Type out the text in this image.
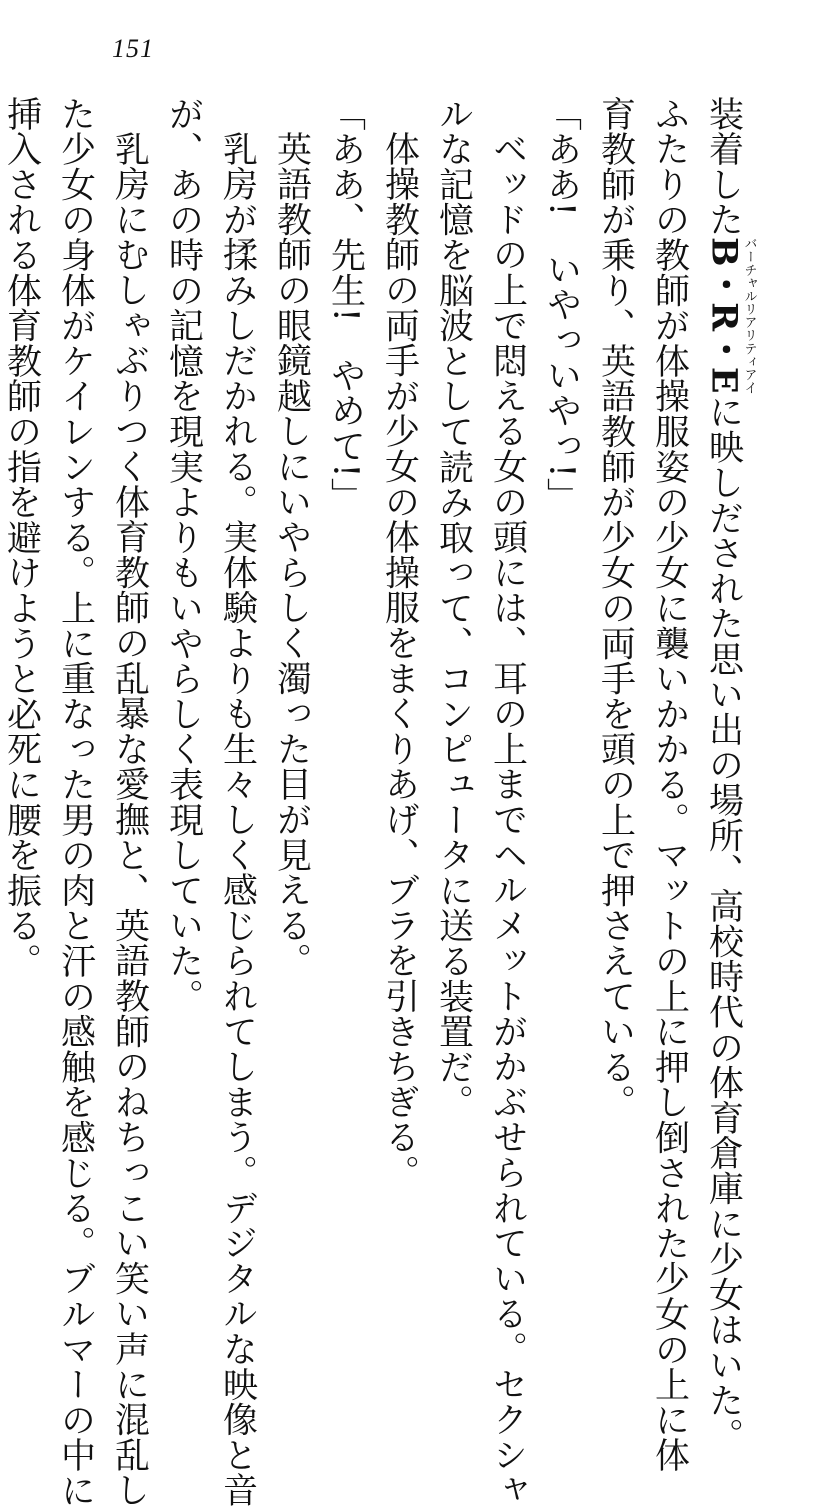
151
装着したB・R・Eバーチャルリアリティアイに映しだされた思い出の場所、高校時代の体育倉庫に少女はいた。
ふたりの教師が体操服姿の少女に襲いかかる。マットの上に押し倒された少女の上に体
育教師が乗り、英語教師が少女の両手を頭の上で押さえている。
「ああ!　いやっいやっ!」
ベッドの上で悶える女の頭には、耳の上までヘルメットがかぶせられている。セクシャ
ルな記憶を脳波として読み取って、コンピュータに送る装置だ。
体操教師の両手が少女の体操服をまくりあげ、ブラを引きちぎる。
「ああ、先生!　やめて!」
英語教師の眼鏡越しにいやらしく濁った目が見える。
乳房が揉みしだかれる。実体験よりも生々しく感じられてしまう。デジタルな映像と音
が、あの時の記憶を現実よりもいやらしく表現していた。
乳房にむしゃぶりつく体育教師の乱暴な愛撫と、英語教師のねちっこい笑い声に混乱し
た少女の身体がケイレンする。上に重なった男の肉と汗の感触を感じる。ブルマーの中に
挿入される体育教師の指を避けようと必死に腰を振る。
